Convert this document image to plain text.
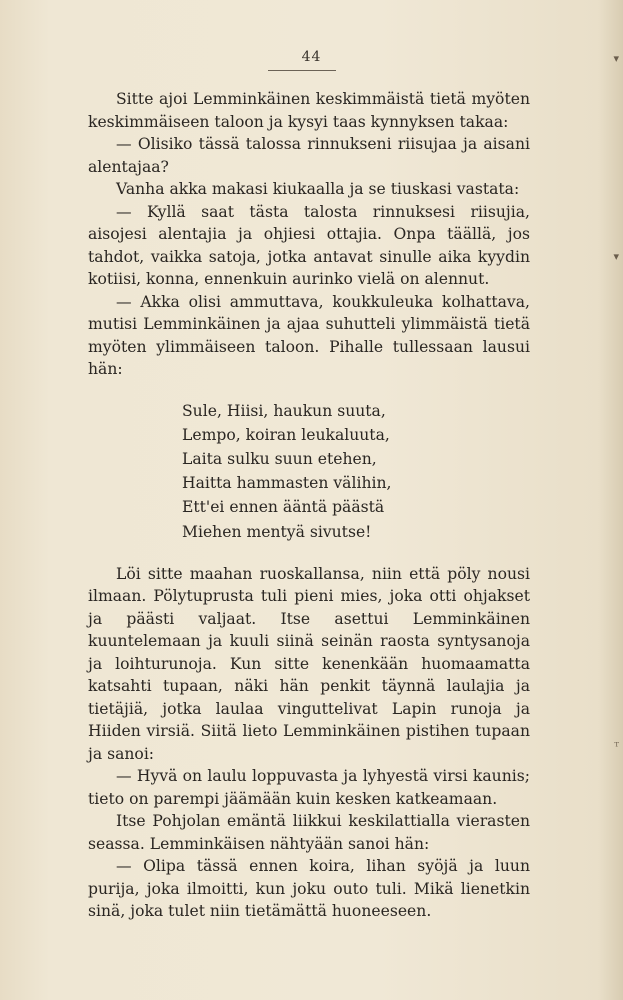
44

Sitte ajoi Lemminkäinen keskimmäistä tietä myöten keskimmäiseen taloon ja kysyi taas kynnyksen takaa:

— Olisiko tässä talossa rinnukseni riisujaa ja aisani alentajaa?

Vanha akka makasi kiukaalla ja se tiuskasi vastata:

— Kyllä saat tästa talosta rinnuksesi riisujia, aisojesi alentajia ja ohjiesi ottajia. Onpa täällä, jos tahdot, vaikka satoja, jotka antavat sinulle aika kyydin kotiisi, konna, ennenkuin aurinko vielä on alennut.

— Akka olisi ammuttava, koukkuleuka kolhattava, mutisi Lemminkäinen ja ajaa suhutteli ylimmäistä tietä myöten ylimmäiseen taloon. Pihalle tullessaan lausui hän:

Sule, Hiisi, haukun suuta,
Lempo, koiran leukaluuta,
Laita sulku suun etehen,
Haitta hammasten välihin,
Ett'ei ennen ääntä päästä
Miehen mentyä sivutse!

Löi sitte maahan ruoskallansa, niin että pöly nousi ilmaan. Pölytuprusta tuli pieni mies, joka otti ohjakset ja päästi valjaat. Itse asettui Lemminkäinen kuuntelemaan ja kuuli siinä seinän raosta syntysanoja ja loihturunoja. Kun sitte kenenkään huomaamatta katsahti tupaan, näki hän penkit täynnä laulajia ja tietäjiä, jotka laulaa vinguttelivat Lapin runoja ja Hiiden virsiä. Siitä lieto Lemminkäinen pistihen tupaan ja sanoi:

— Hyvä on laulu loppuvasta ja lyhyestä virsi kaunis; tieto on parempi jäämään kuin kesken katkeamaan.

Itse Pohjolan emäntä liikkui keskilattialla vierasten seassa. Lemminkäisen nähtyään sanoi hän:

— Olipa tässä ennen koira, lihan syöjä ja luun purija, joka ilmoitti, kun joku outo tuli. Mikä lienetkin sinä, joka tulet niin tietämättä huoneeseen.

▾
▾
ᵀ
